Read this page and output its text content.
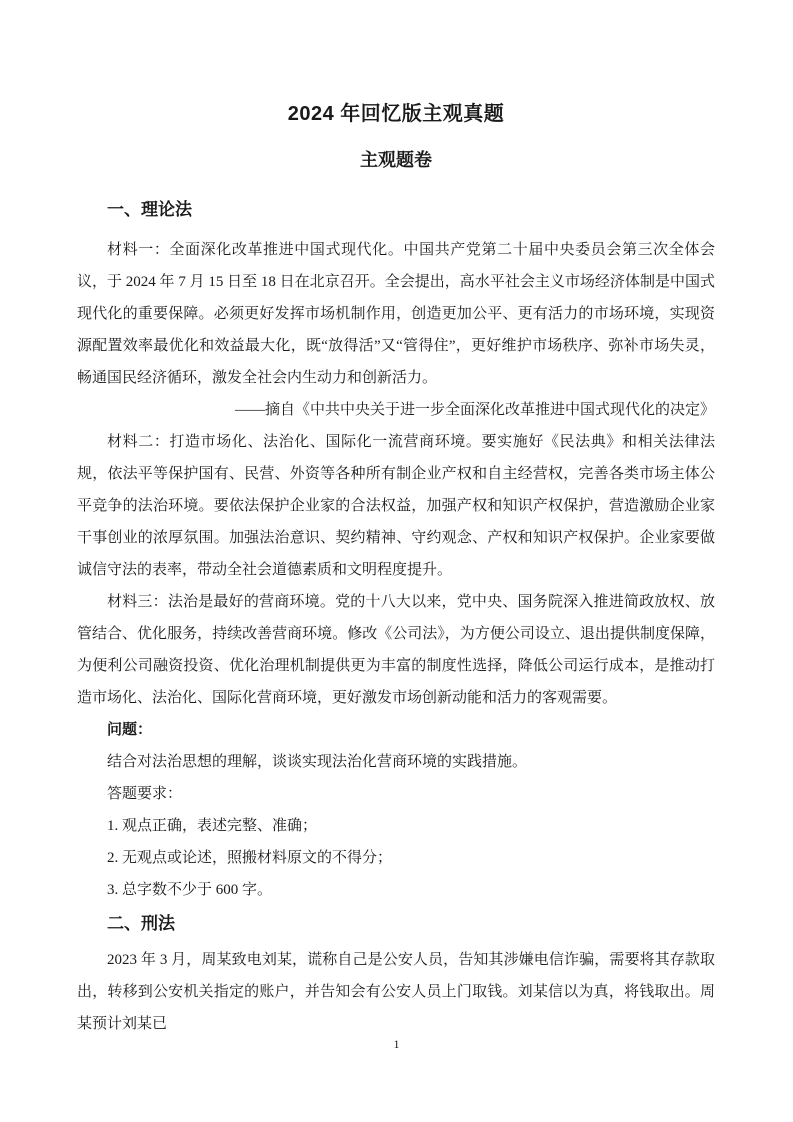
2024 年回忆版主观真题
主观题卷
一、理论法

材料一：全面深化改革推进中国式现代化。中国共产党第二十届中央委员会第三次全体会议，于 2024 年 7 月 15 日至 18 日在北京召开。全会提出，高水平社会主义市场经济体制是中国式现代化的重要保障。必须更好发挥市场机制作用，创造更加公平、更有活力的市场环境，实现资源配置效率最优化和效益最大化，既“放得活”又“管得住”，更好维护市场秩序、弥补市场失灵，畅通国民经济循环，激发全社会内生动力和创新活力。

——摘自《中共中央关于进一步全面深化改革推进中国式现代化的决定》

材料二：打造市场化、法治化、国际化一流营商环境。要实施好《民法典》和相关法律法规，依法平等保护国有、民营、外资等各种所有制企业产权和自主经营权，完善各类市场主体公平竞争的法治环境。要依法保护企业家的合法权益，加强产权和知识产权保护，营造激励企业家干事创业的浓厚氛围。加强法治意识、契约精神、守约观念、产权和知识产权保护。企业家要做诚信守法的表率，带动全社会道德素质和文明程度提升。

材料三：法治是最好的营商环境。党的十八大以来，党中央、国务院深入推进简政放权、放管结合、优化服务，持续改善营商环境。修改《公司法》，为方便公司设立、退出提供制度保障，为便利公司融资投资、优化治理机制提供更为丰富的制度性选择，降低公司运行成本，是推动打造市场化、法治化、国际化营商环境，更好激发市场创新动能和活力的客观需要。

问题：

结合对法治思想的理解，谈谈实现法治化营商环境的实践措施。

答题要求：

1. 观点正确，表述完整、准确；

2. 无观点或论述，照搬材料原文的不得分；

3. 总字数不少于 600 字。

二、刑法

2023 年 3 月，周某致电刘某，谎称自己是公安人员，告知其涉嫌电信诈骗，需要将其存款取出，转移到公安机关指定的账户，并告知会有公安人员上门取钱。刘某信以为真，将钱取出。周某预计刘某已

1
